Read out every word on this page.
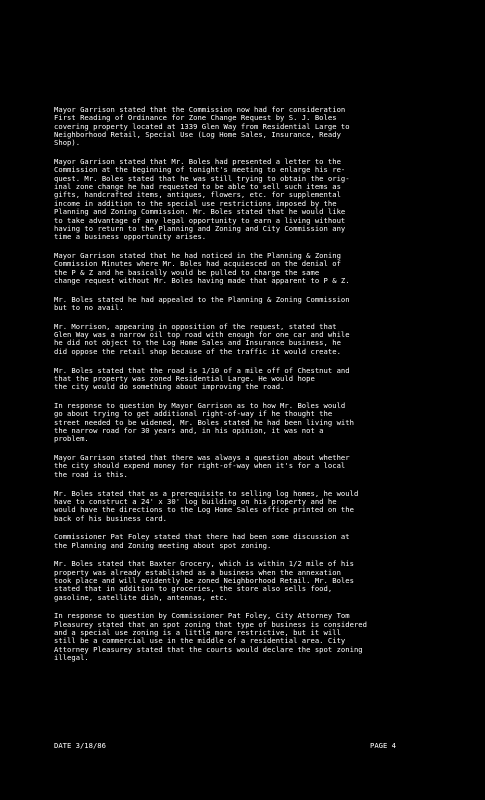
Mayor Garrison stated that the Commission now had for consideration
First Reading of Ordinance for Zone Change Request by S. J. Boles
covering property located at 1339 Glen Way from Residential Large to
Neighborhood Retail, Special Use (Log Home Sales, Insurance, Ready
Shop).

Mayor Garrison stated that Mr. Boles had presented a letter to the
Commission at the beginning of tonight's meeting to enlarge his re-
quest. Mr. Boles stated that he was still trying to obtain the orig-
inal zone change he had requested to be able to sell such items as
gifts, handcrafted items, antiques, flowers, etc. for supplemental
income in addition to the special use restrictions imposed by the
Planning and Zoning Commission. Mr. Boles stated that he would like
to take advantage of any legal opportunity to earn a living without
having to return to the Planning and Zoning and City Commission any
time a business opportunity arises.

Mayor Garrison stated that he had noticed in the Planning & Zoning
Commission Minutes where Mr. Boles had acquiesced on the denial of
the P & Z and he basically would be pulled to charge the same
change request without Mr. Boles having made that apparent to P & Z.

Mr. Boles stated he had appealed to the Planning & Zoning Commission
but to no avail.

Mr. Morrison, appearing in opposition of the request, stated that
Glen Way was a narrow oil top road with enough for one car and while
he did not object to the Log Home Sales and Insurance business, he
did oppose the retail shop because of the traffic it would create.

Mr. Boles stated that the road is 1/10 of a mile off of Chestnut and
that the property was zoned Residential Large. He would hope
the city would do something about improving the road.

In response to question by Mayor Garrison as to how Mr. Boles would
go about trying to get additional right-of-way if he thought the
street needed to be widened, Mr. Boles stated he had been living with
the narrow road for 30 years and, in his opinion, it was not a
problem.

Mayor Garrison stated that there was always a question about whether
the city should expend money for right-of-way when it's for a local
the road is this.

Mr. Boles stated that as a prerequisite to selling log homes, he would
have to construct a 24' x 30' log building on his property and he
would have the directions to the Log Home Sales office printed on the
back of his business card.

Commissioner Pat Foley stated that there had been some discussion at
the Planning and Zoning meeting about spot zoning.

Mr. Boles stated that Baxter Grocery, which is within 1/2 mile of his
property was already established as a business when the annexation
took place and will evidently be zoned Neighborhood Retail. Mr. Boles
stated that in addition to groceries, the store also sells food,
gasoline, satellite dish, antennas, etc.

In response to question by Commissioner Pat Foley, City Attorney Tom
Pleasurey stated that an spot zoning that type of business is considered
and a special use zoning is a little more restrictive, but it will
still be a commercial use in the middle of a residential area. City
Attorney Pleasurey stated that the courts would declare the spot zoning
illegal.

DATE 3/18/86	PAGE 4
